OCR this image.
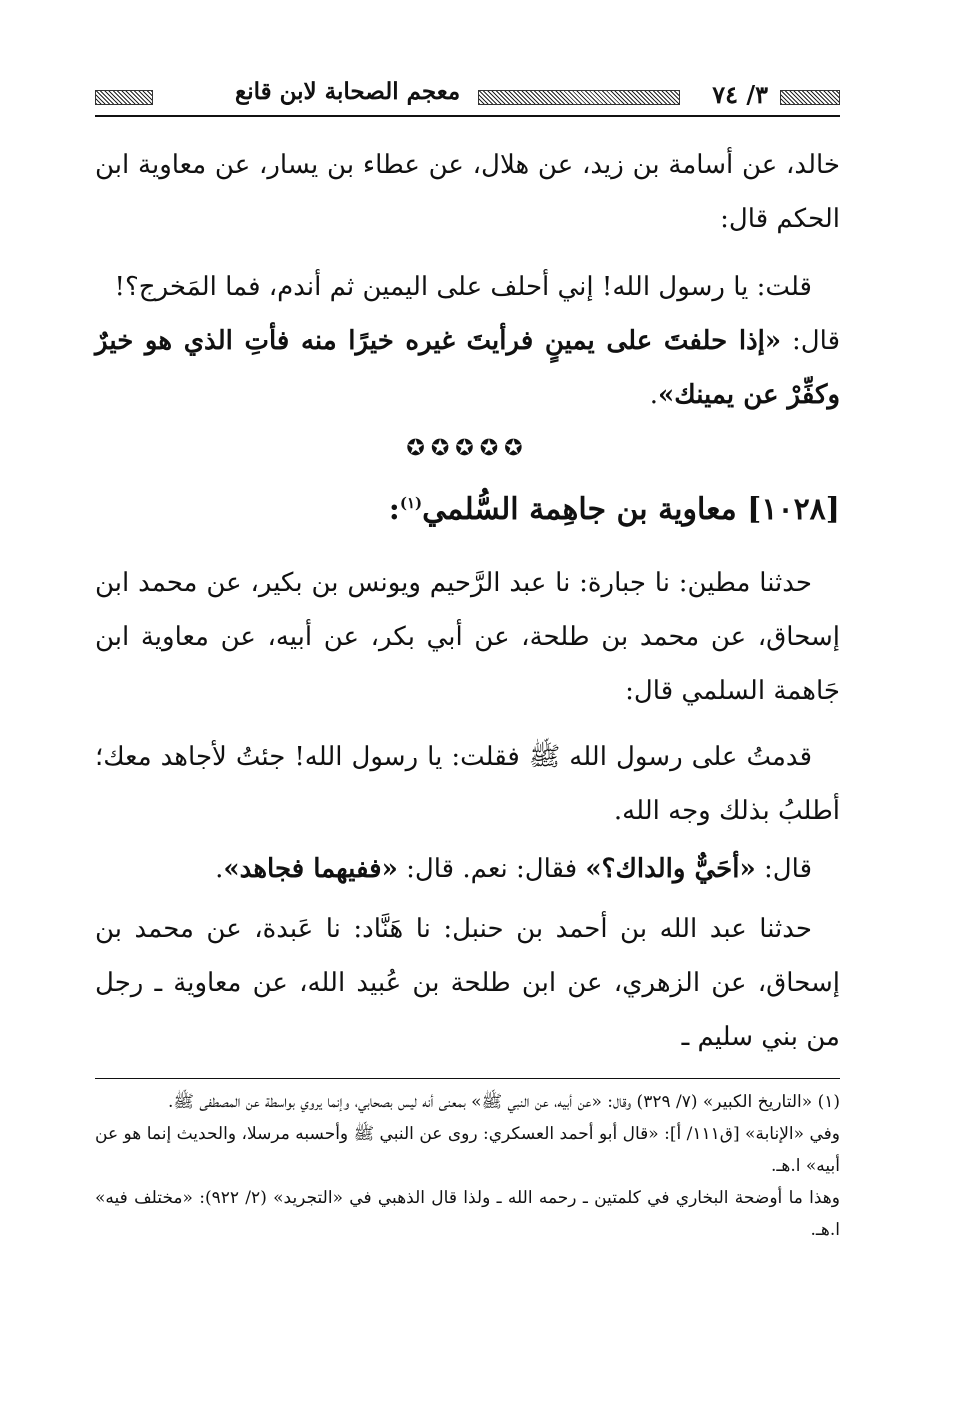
٣/ ٧٤
معجم الصحابة لابن قانع

خالد، عن أسامة بن زيد، عن هلال، عن عطاء بن يسار، عن معاوية ابن الحكم قال:

قلت: يا رسول الله! إني أحلف على اليمين ثم أندم، فما المَخرج؟!

قال: «إذا حلفتَ على يمينٍ فرأيتَ غيره خيرًا منه فأتِ الذي هو خيرٌ وكفِّرْ عن يمينك».

✪✪✪✪✪
[١٠٢٨] معاوية بن جاهِمة السُّلمي$^{(١)}$:

حدثنا مطين: نا جبارة: نا عبد الرَّحيم ويونس بن بكير، عن محمد ابن إسحاق، عن محمد بن طلحة، عن أبي بكر، عن أبيه، عن معاوية ابن جَاهمة السلمي قال:

قدمتُ على رسول الله ﷺ فقلت: يا رسول الله! جئتُ لأجاهد معك؛ أطلبُ بذلك وجه الله.

قال: «أحَيٌّ والداك؟» فقال: نعم. قال: «ففيهما فجاهد».

حدثنا عبد الله بن أحمد بن حنبل: نا هَنَّاد: نا عَبدة، عن محمد بن إسحاق، عن الزهري، عن ابن طلحة بن عُبيد الله، عن معاوية ـ رجل من بني سليم ـ

(١) «التاريخ الكبير» (٧/ ٣٢٩) وقال: «عن أبيه، عن النبي ﷺ» بمعنى أنه ليس بصحابي، وإنما يروي بواسطة عن المصطفى ﷺ.

وفي «الإنابة» [ق١١١/ أ]: «قال أبو أحمد العسكري: روى عن النبي ﷺ وأحسبه مرسلا، والحديث إنما هو عن أبيه» ا.هـ.

وهذا ما أوضحة البخاري في كلمتين ـ رحمه الله ـ ولذا قال الذهبي في «التجريد» (٢/ ٩٢٢): «مختلف فيه» ا.هـ.
